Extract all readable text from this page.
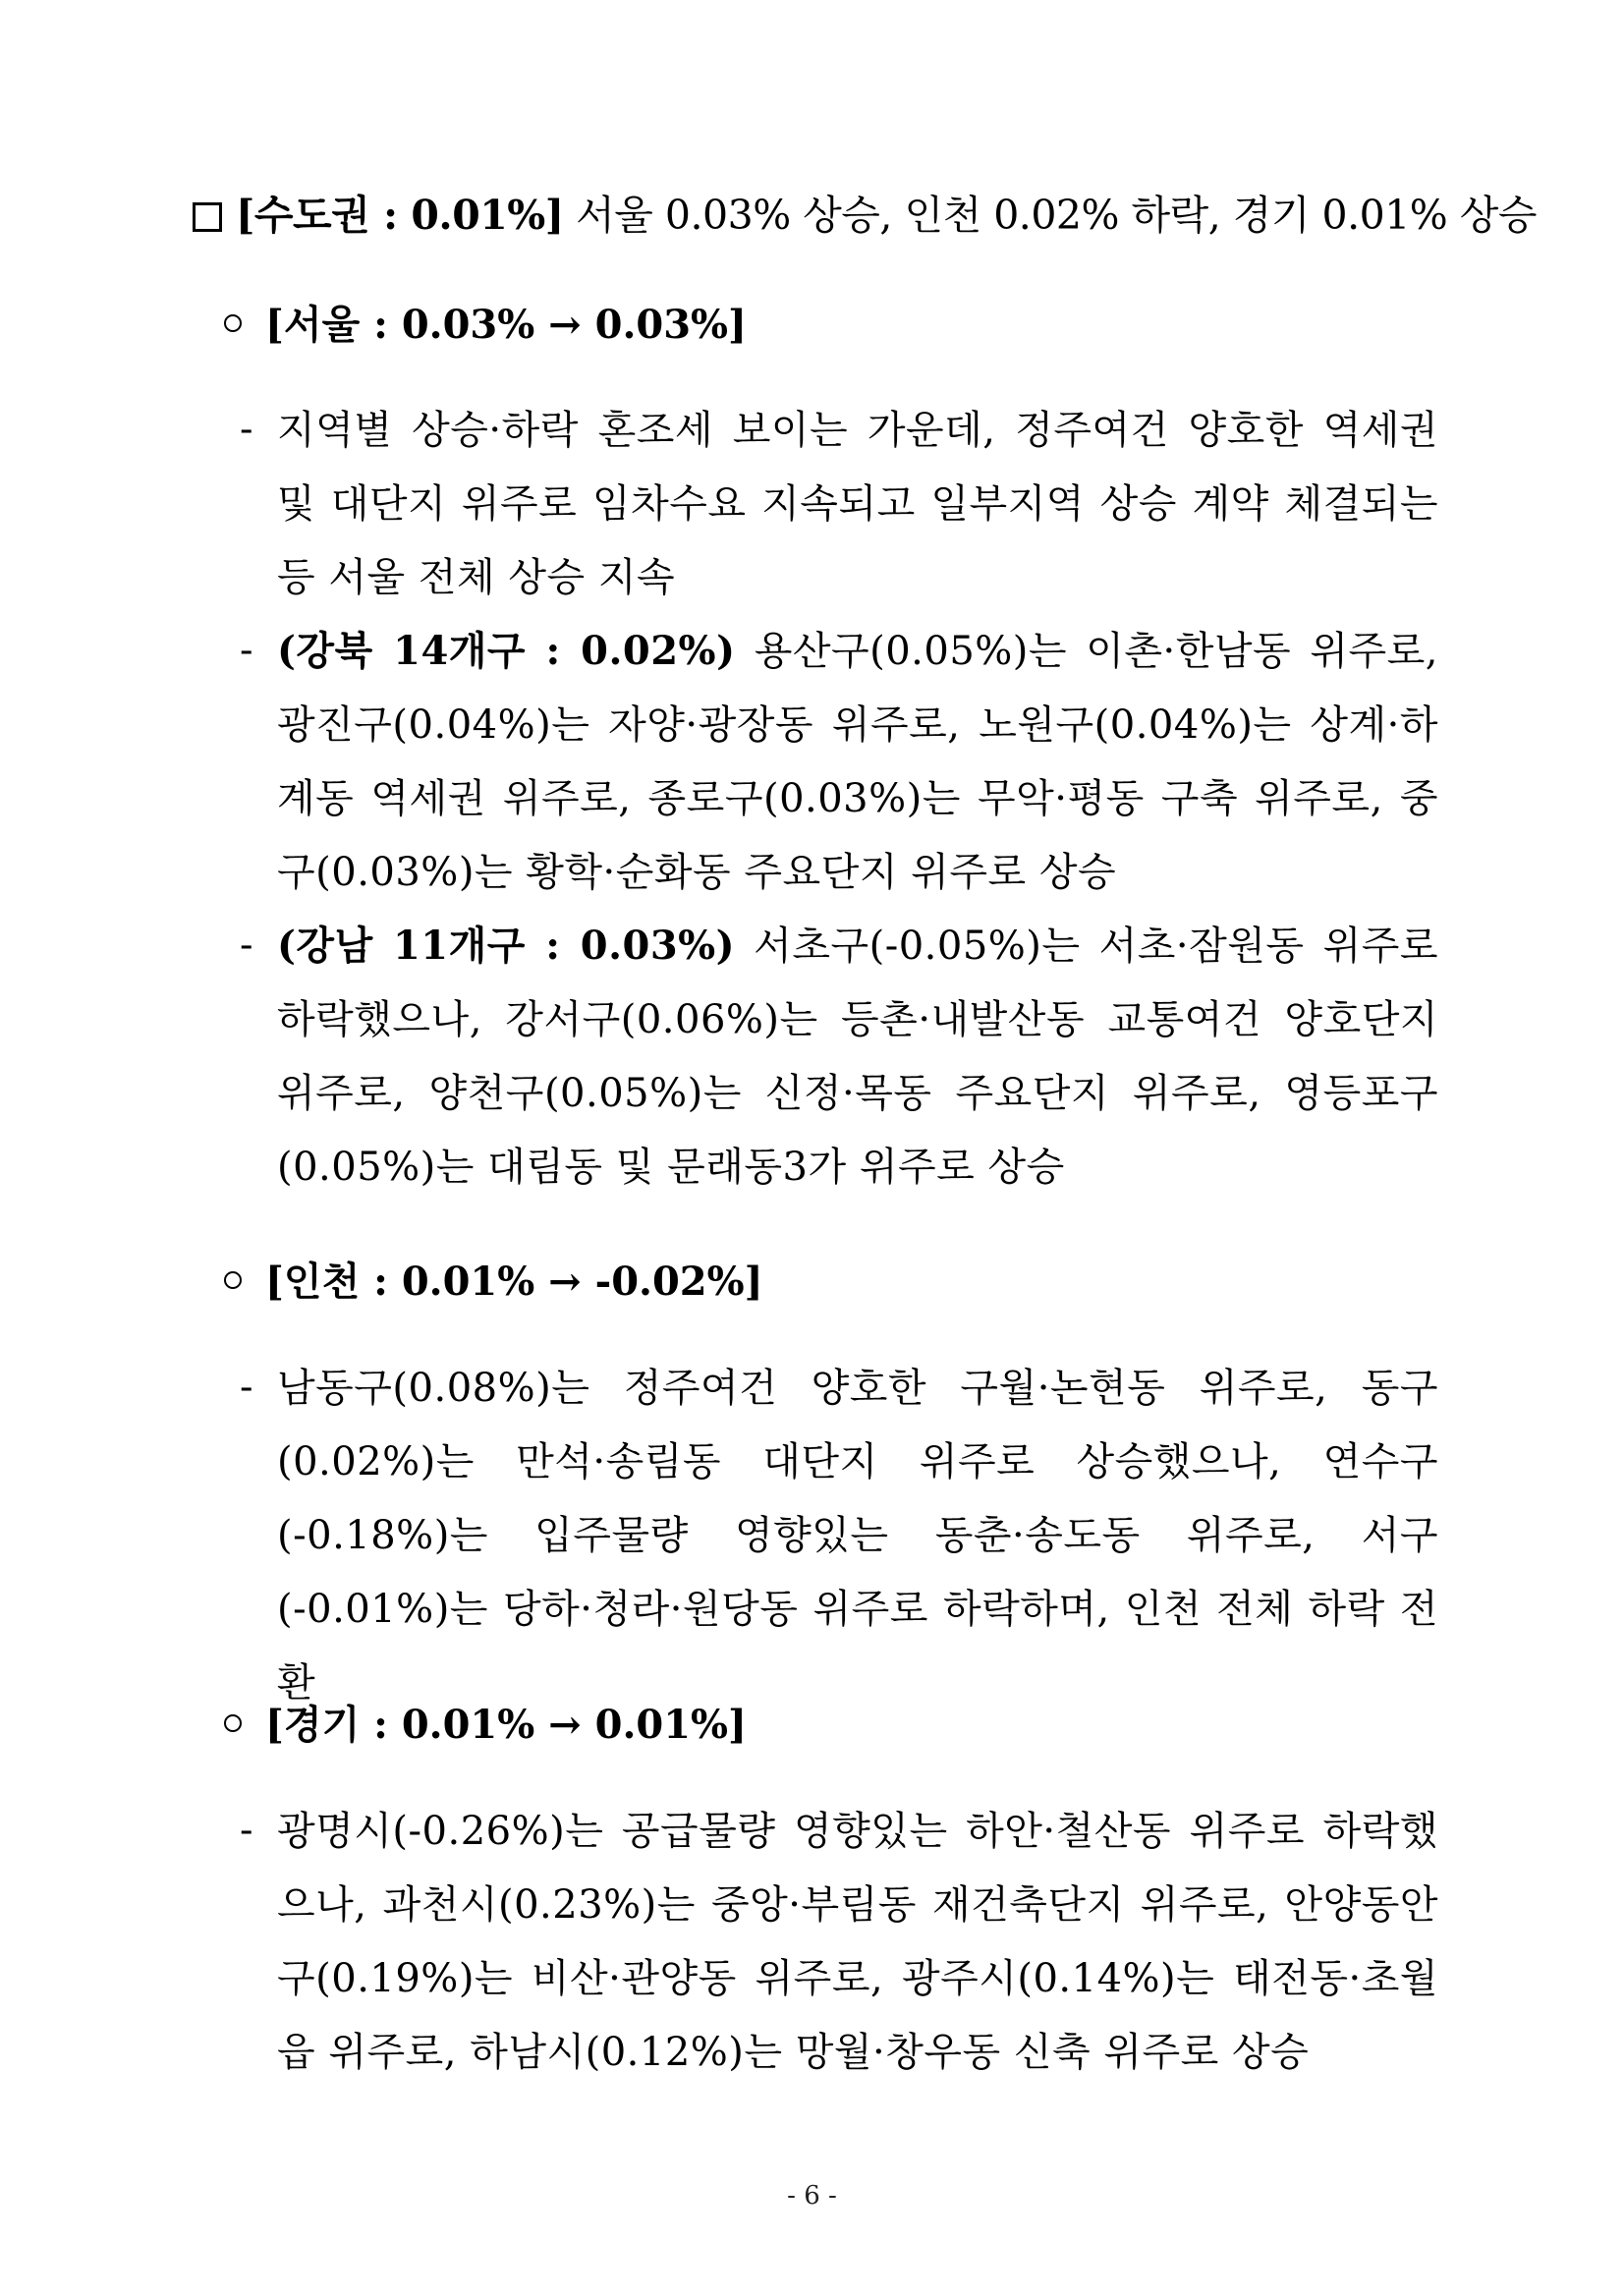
[수도권 : 0.01%] 서울 0.03% 상승, 인천 0.02% 하락, 경기 0.01% 상승
[서울 : 0.03% → 0.03%]
- 지역별 상승·하락 혼조세 보이는 가운데, 정주여건 양호한 역세권 및 대단지 위주로 임차수요 지속되고 일부지역 상승 계약 체결되는 등 서울 전체 상승 지속
- (강북 14개구 : 0.02%) 용산구(0.05%)는 이촌·한남동 위주로, 광진구(0.04%)는 자양·광장동 위주로, 노원구(0.04%)는 상계·하계동 역세권 위주로, 종로구(0.03%)는 무악·평동 구축 위주로, 중구(0.03%)는 황학·순화동 주요단지 위주로 상승
- (강남 11개구 : 0.03%) 서초구(-0.05%)는 서초·잠원동 위주로 하락했으나, 강서구(0.06%)는 등촌·내발산동 교통여건 양호단지 위주로, 양천구(0.05%)는 신정·목동 주요단지 위주로, 영등포구(0.05%)는 대림동 및 문래동3가 위주로 상승
[인천 : 0.01% → -0.02%]
- 남동구(0.08%)는 정주여건 양호한 구월·논현동 위주로, 동구(0.02%)는 만석·송림동 대단지 위주로 상승했으나, 연수구(-0.18%)는 입주물량 영향있는 동춘·송도동 위주로, 서구(-0.01%)는 당하·청라·원당동 위주로 하락하며, 인천 전체 하락 전환
[경기 : 0.01% → 0.01%]
- 광명시(-0.26%)는 공급물량 영향있는 하안·철산동 위주로 하락했으나, 과천시(0.23%)는 중앙·부림동 재건축단지 위주로, 안양동안구(0.19%)는 비산·관양동 위주로, 광주시(0.14%)는 태전동·초월읍 위주로, 하남시(0.12%)는 망월·창우동 신축 위주로 상승
- 6 -
